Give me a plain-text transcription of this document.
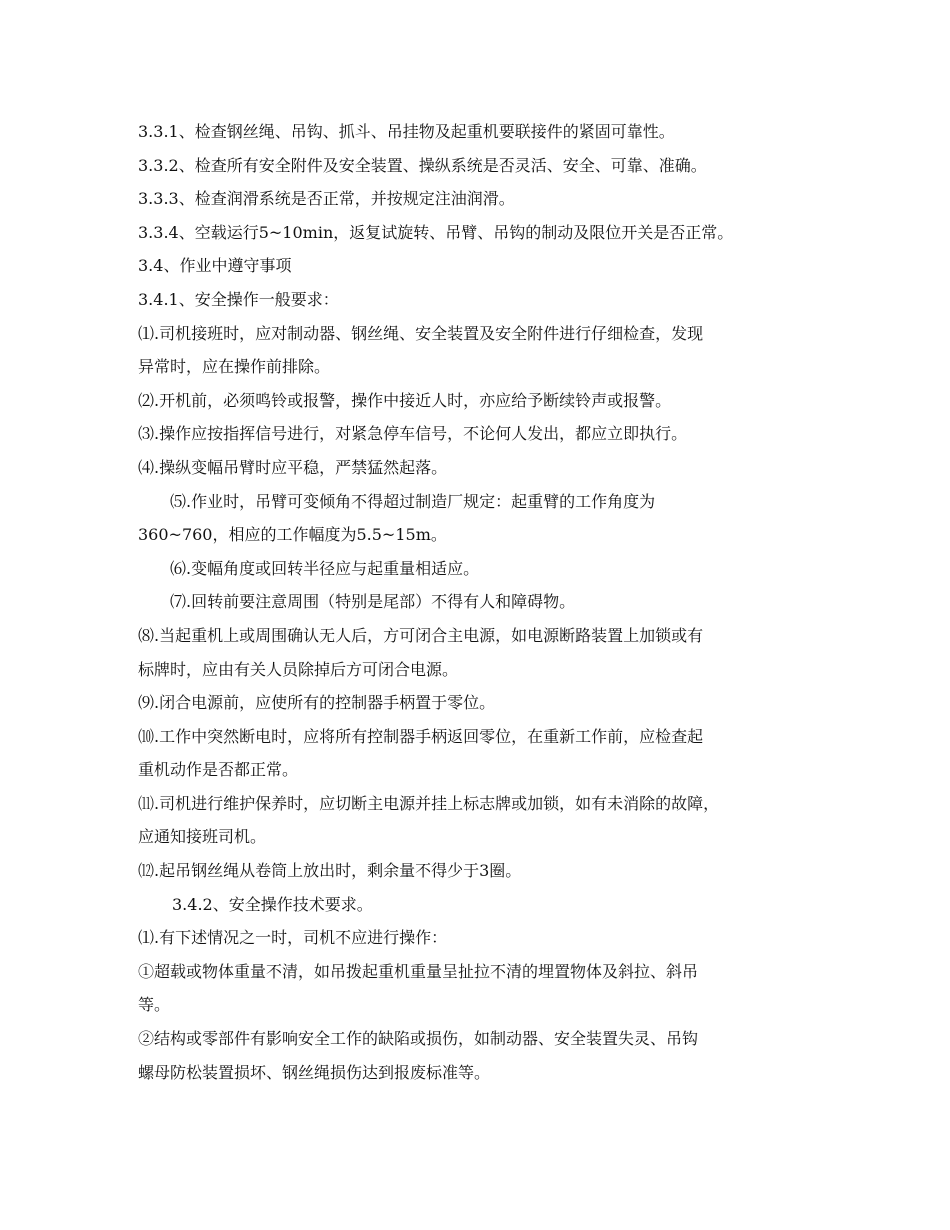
3.3.1、检查钢丝绳、吊钩、抓斗、吊挂物及起重机要联接件的紧固可靠性。

3.3.2、检查所有安全附件及安全装置、操纵系统是否灵活、安全、可靠、准确。

3.3.3、检查润滑系统是否正常，并按规定注油润滑。

3.3.4、空载运行5~10min，返复试旋转、吊臂、吊钩的制动及限位开关是否正常。

3.4、作业中遵守事项

3.4.1、安全操作一般要求：

⑴.司机接班时，应对制动器、钢丝绳、安全装置及安全附件进行仔细检查，发现

异常时，应在操作前排除。

⑵.开机前，必须鸣铃或报警，操作中接近人时，亦应给予断续铃声或报警。

⑶.操作应按指挥信号进行，对紧急停车信号，不论何人发出，都应立即执行。

⑷.操纵变幅吊臂时应平稳，严禁猛然起落。

⑸.作业时，吊臂可变倾角不得超过制造厂规定：起重臂的工作角度为

360~760，相应的工作幅度为5.5~15m。

⑹.变幅角度或回转半径应与起重量相适应。

⑺.回转前要注意周围（特别是尾部）不得有人和障碍物。

⑻.当起重机上或周围确认无人后，方可闭合主电源，如电源断路装置上加锁或有

标牌时，应由有关人员除掉后方可闭合电源。

⑼.闭合电源前，应使所有的控制器手柄置于零位。

⑽.工作中突然断电时，应将所有控制器手柄返回零位，在重新工作前，应检查起

重机动作是否都正常。

⑾.司机进行维护保养时，应切断主电源并挂上标志牌或加锁，如有未消除的故障，

应通知接班司机。

⑿.起吊钢丝绳从卷筒上放出时，剩余量不得少于3圈。

3.4.2、安全操作技术要求。

⑴.有下述情况之一时，司机不应进行操作：

①超载或物体重量不清，如吊拨起重机重量呈扯拉不清的埋置物体及斜拉、斜吊

等。

②结构或零部件有影响安全工作的缺陷或损伤，如制动器、安全装置失灵、吊钩

螺母防松装置损坏、钢丝绳损伤达到报废标准等。
